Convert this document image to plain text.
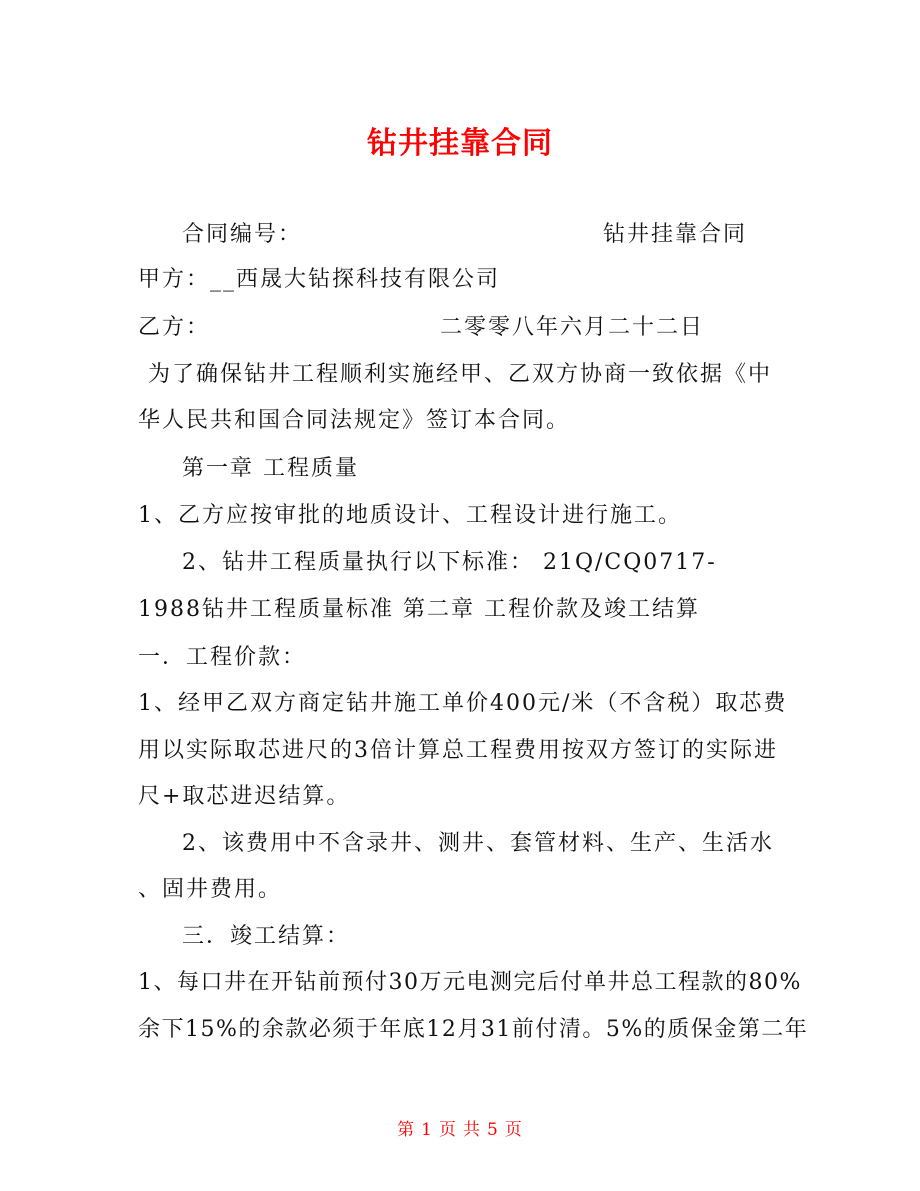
钻井挂靠合同
合同编号：	钻井挂靠合同
甲方：__西晟大钻探科技有限公司
乙方：	二零零八年六月二十二日
为了确保钻井工程顺利实施经甲、乙双方协商一致依据《中
华人民共和国合同法规定》签订本合同。
第一章 工程质量
1、乙方应按审批的地质设计、工程设计进行施工。
2、钻井工程质量执行以下标准： 21Q/CQ0717-
1988钻井工程质量标准 第二章 工程价款及竣工结算
一．工程价款：
1、经甲乙双方商定钻井施工单价400元/米（不含税）取芯费
用以实际取芯进尺的3倍计算总工程费用按双方签订的实际进
尺+取芯进迟结算。
2、该费用中不含录井、测井、套管材料、生产、生活水
、固井费用。
三．竣工结算：
1、每口井在开钻前预付30万元电测完后付单井总工程款的80%
余下15%的余款必须于年底12月31前付清。5%的质保金第二年
第 1 页 共 5 页
